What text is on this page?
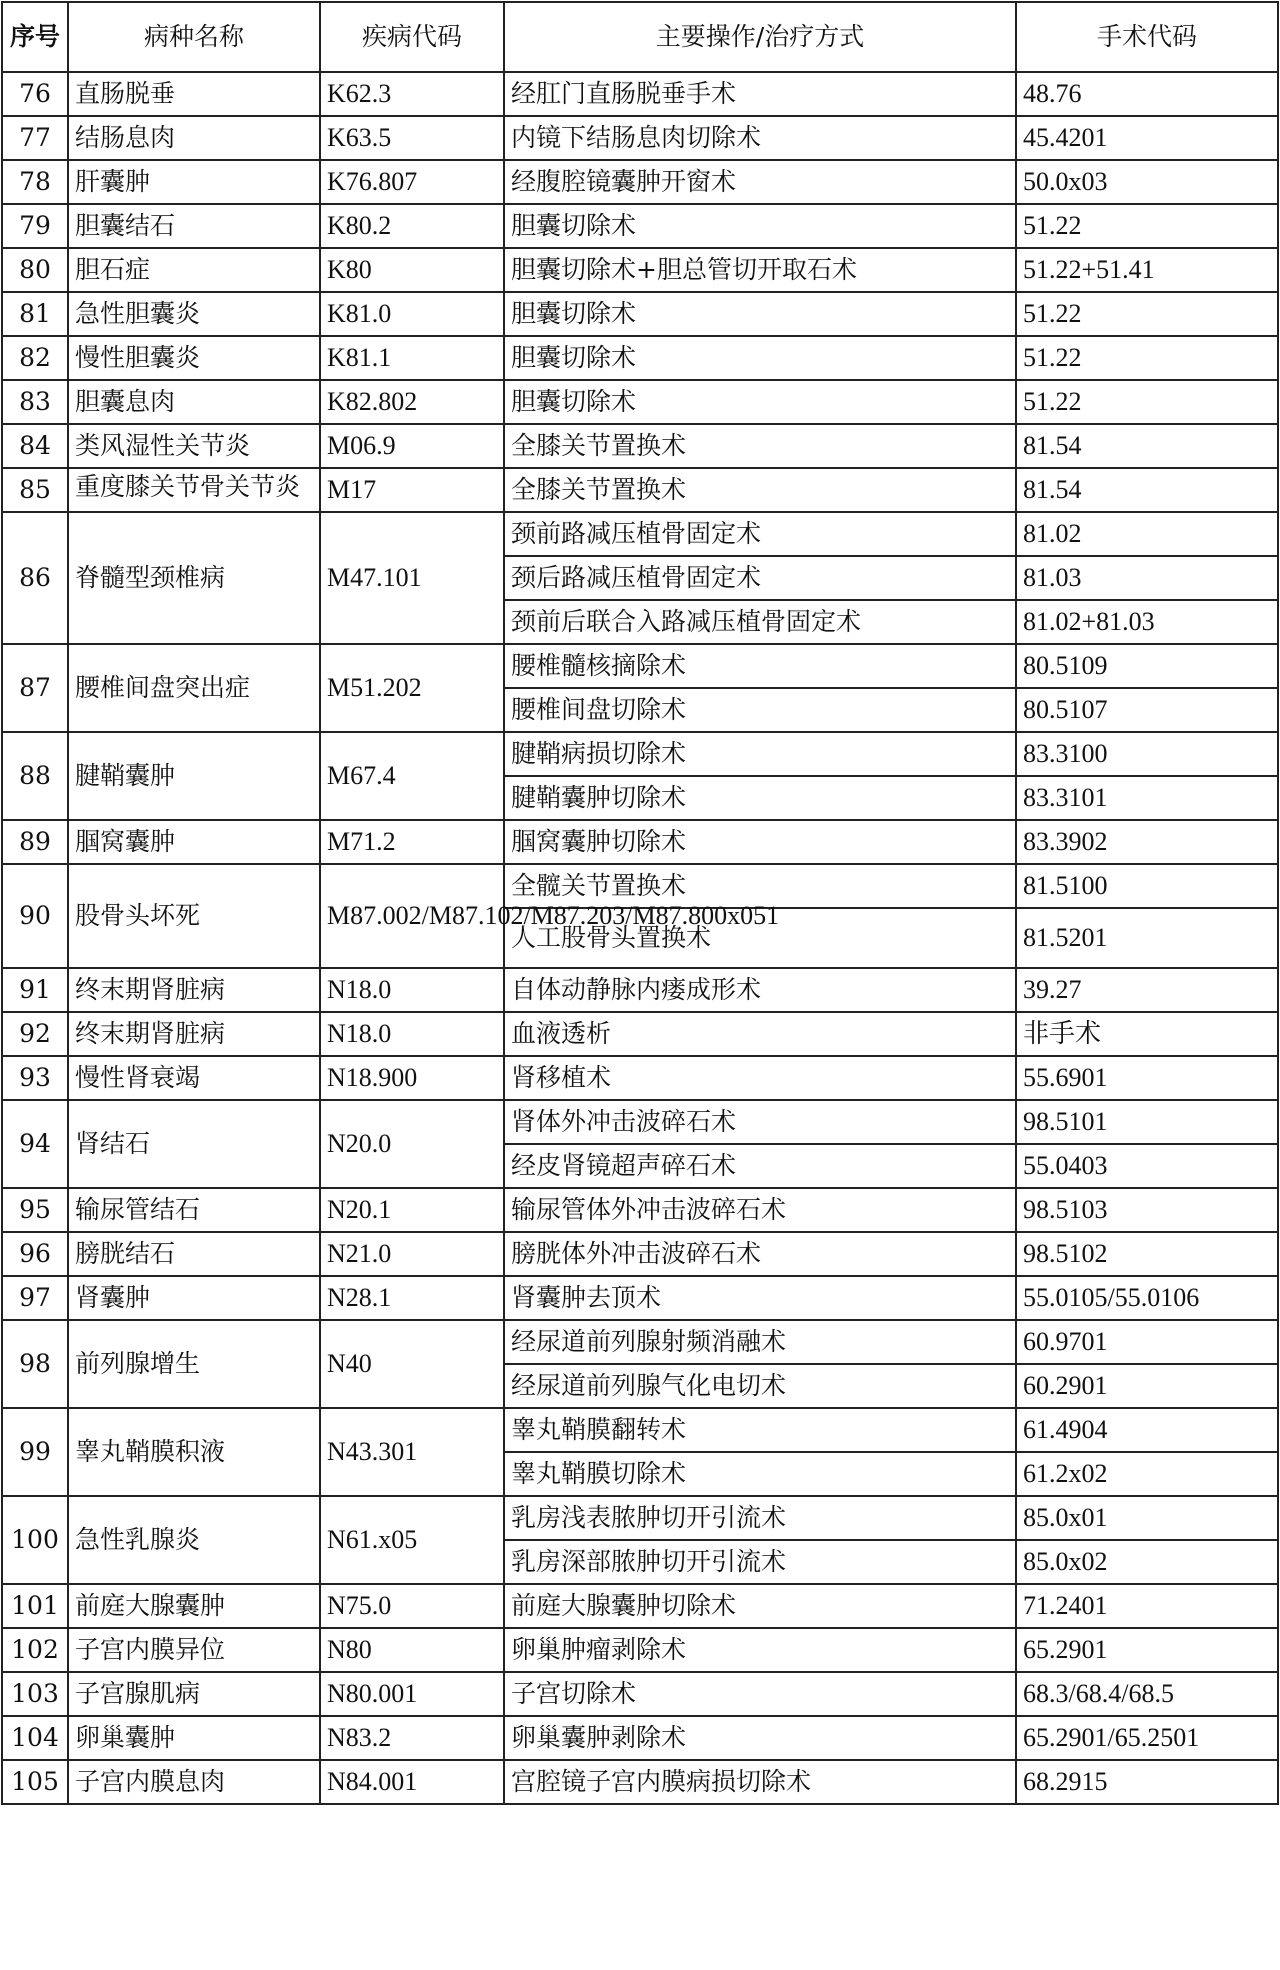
序号	病种名称	疾病代码	主要操作/治疗方式	手术代码
76	直肠脱垂	K62.3	经肛门直肠脱垂手术	48.76
77	结肠息肉	K63.5	内镜下结肠息肉切除术	45.4201
78	肝囊肿	K76.807	经腹腔镜囊肿开窗术	50.0x03
79	胆囊结石	K80.2	胆囊切除术	51.22
80	胆石症	K80	胆囊切除术+胆总管切开取石术	51.22+51.41
81	急性胆囊炎	K81.0	胆囊切除术	51.22
82	慢性胆囊炎	K81.1	胆囊切除术	51.22
83	胆囊息肉	K82.802	胆囊切除术	51.22
84	类风湿性关节炎	M06.9	全膝关节置换术	81.54
85	重度膝关节骨关节炎	M17	全膝关节置换术	81.54
86	脊髓型颈椎病	M47.101	颈前路减压植骨固定术	81.02
			颈后路减压植骨固定术	81.03
			颈前后联合入路减压植骨固定术	81.02+81.03
87	腰椎间盘突出症	M51.202	腰椎髓核摘除术	80.5109
			腰椎间盘切除术	80.5107
88	腱鞘囊肿	M67.4	腱鞘病损切除术	83.3100
			腱鞘囊肿切除术	83.3101
89	腘窝囊肿	M71.2	腘窝囊肿切除术	83.3902
90	股骨头坏死	M87.002/M87.102/M87.203/M87.800x051	全髋关节置换术	81.5100
			人工股骨头置换术	81.5201
91	终末期肾脏病	N18.0	自体动静脉内瘘成形术	39.27
92	终末期肾脏病	N18.0	血液透析	非手术
93	慢性肾衰竭	N18.900	肾移植术	55.6901
94	肾结石	N20.0	肾体外冲击波碎石术	98.5101
			经皮肾镜超声碎石术	55.0403
95	输尿管结石	N20.1	输尿管体外冲击波碎石术	98.5103
96	膀胱结石	N21.0	膀胱体外冲击波碎石术	98.5102
97	肾囊肿	N28.1	肾囊肿去顶术	55.0105/55.0106
98	前列腺增生	N40	经尿道前列腺射频消融术	60.9701
			经尿道前列腺气化电切术	60.2901
99	睾丸鞘膜积液	N43.301	睾丸鞘膜翻转术	61.4904
			睾丸鞘膜切除术	61.2x02
100	急性乳腺炎	N61.x05	乳房浅表脓肿切开引流术	85.0x01
			乳房深部脓肿切开引流术	85.0x02
101	前庭大腺囊肿	N75.0	前庭大腺囊肿切除术	71.2401
102	子宫内膜异位	N80	卵巢肿瘤剥除术	65.2901
103	子宫腺肌病	N80.001	子宫切除术	68.3/68.4/68.5
104	卵巢囊肿	N83.2	卵巢囊肿剥除术	65.2901/65.2501
105	子宫内膜息肉	N84.001	宫腔镜子宫内膜病损切除术	68.2915
